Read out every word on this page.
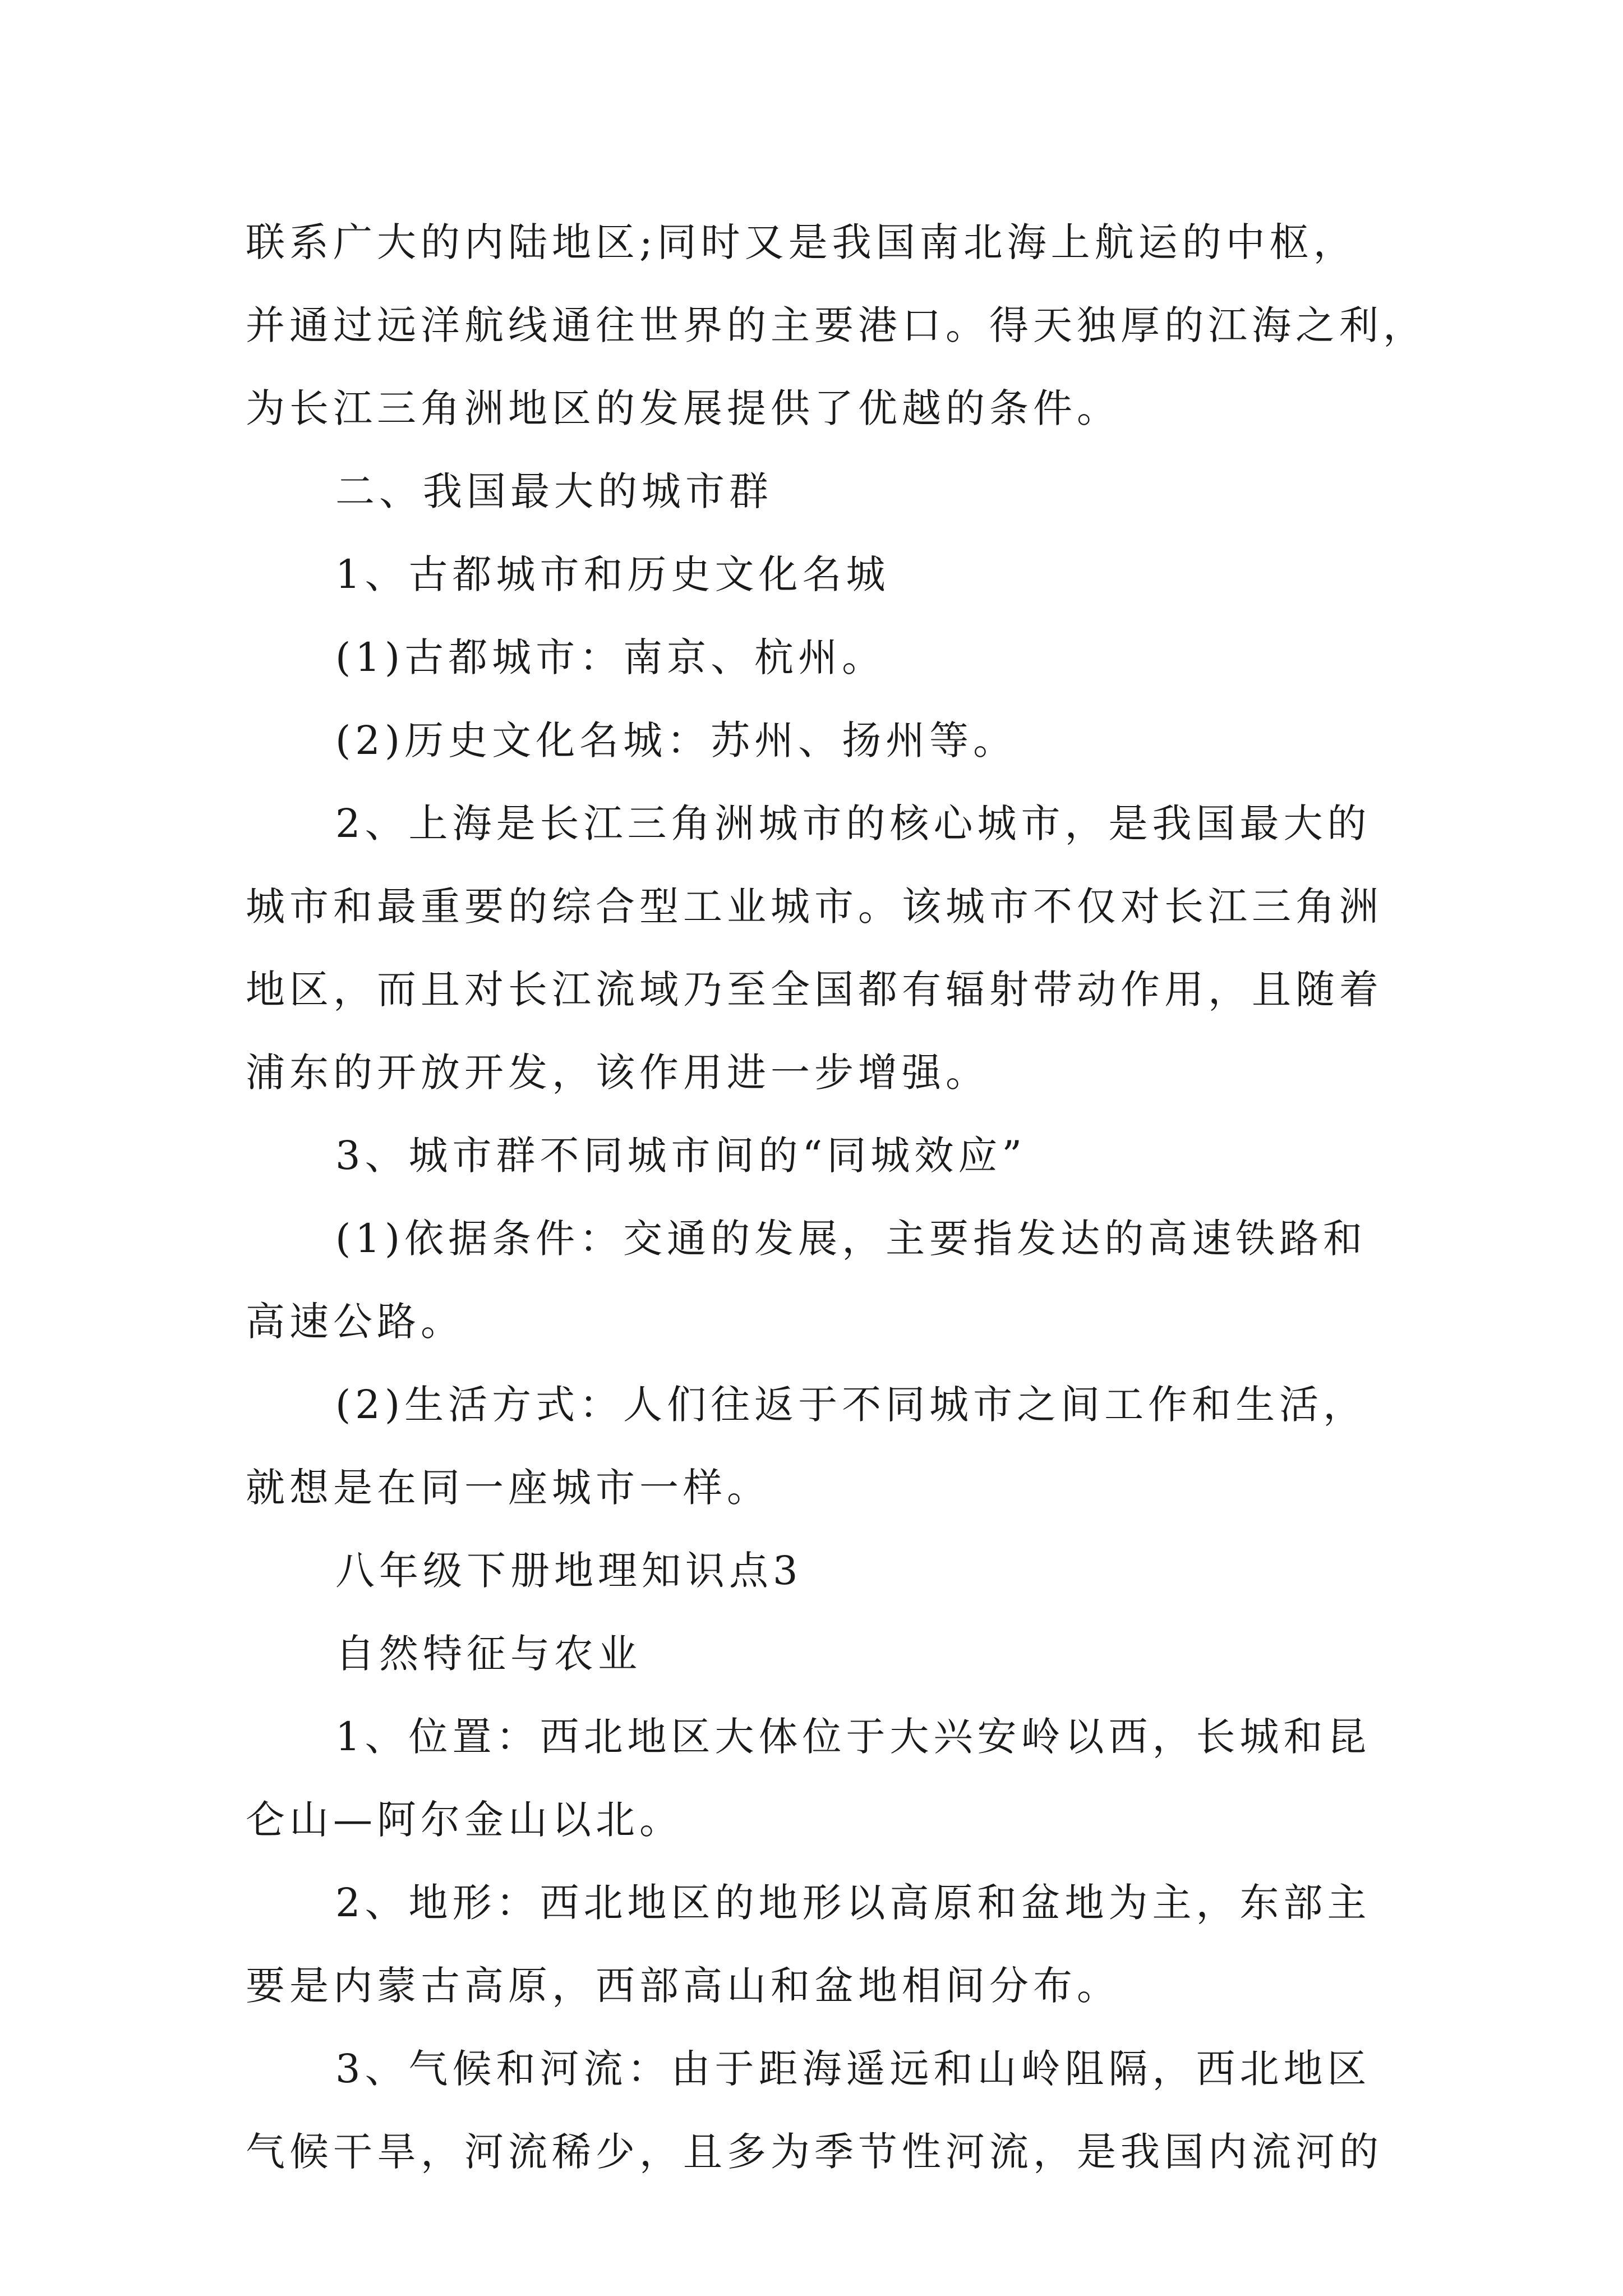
联系广大的内陆地区;同时又是我国南北海上航运的中枢，
并通过远洋航线通往世界的主要港口。得天独厚的江海之利，
为长江三角洲地区的发展提供了优越的条件。
二、我国最大的城市群
1、古都城市和历史文化名城
(1)古都城市：南京、杭州。
(2)历史文化名城：苏州、扬州等。
2、上海是长江三角洲城市的核心城市，是我国最大的
城市和最重要的综合型工业城市。该城市不仅对长江三角洲
地区，而且对长江流域乃至全国都有辐射带动作用，且随着
浦东的开放开发，该作用进一步增强。
3、城市群不同城市间的“同城效应”
(1)依据条件：交通的发展，主要指发达的高速铁路和
高速公路。
(2)生活方式：人们往返于不同城市之间工作和生活，
就想是在同一座城市一样。
八年级下册地理知识点3
自然特征与农业
1、位置：西北地区大体位于大兴安岭以西，长城和昆
仑山—阿尔金山以北。
2、地形：西北地区的地形以高原和盆地为主，东部主
要是内蒙古高原，西部高山和盆地相间分布。
3、气候和河流：由于距海遥远和山岭阻隔，西北地区
气候干旱，河流稀少，且多为季节性河流，是我国内流河的
